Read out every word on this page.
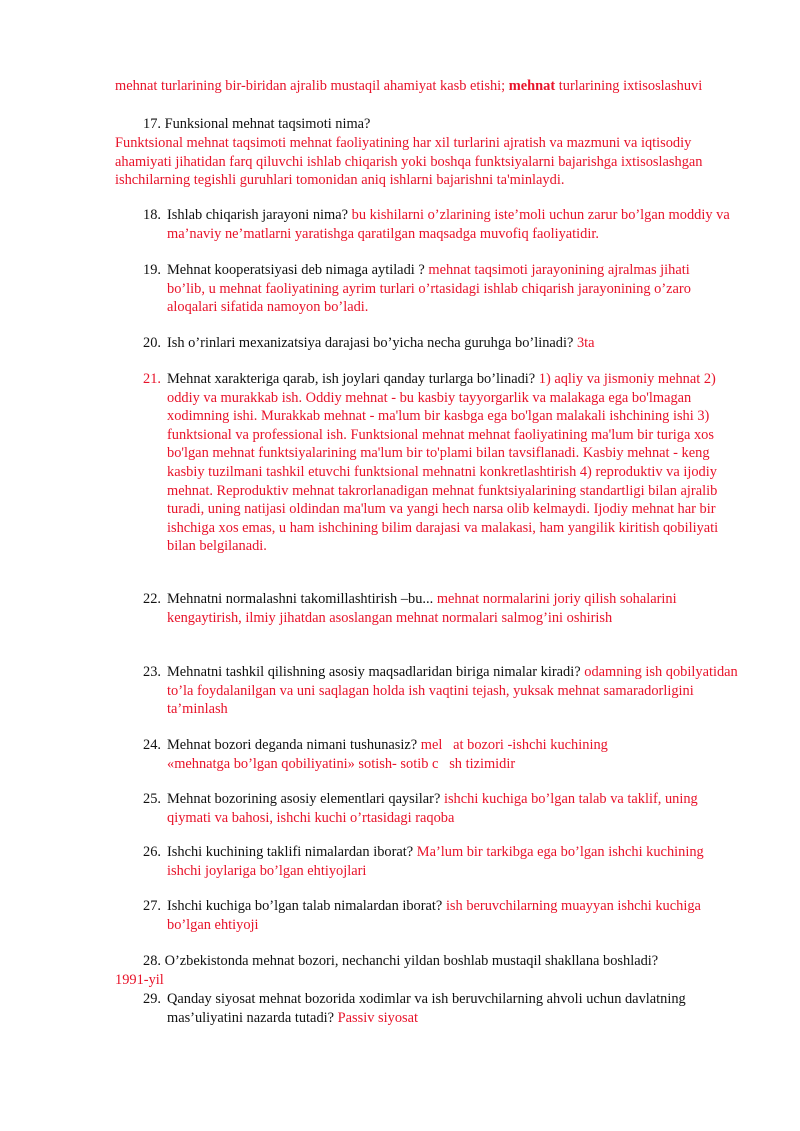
mehnat turlarining bir-biridan ajralib mustaqil ahamiyat kasb etishi; mehnat turlarining ixtisoslashuvi
17. Funksional mehnat taqsimoti nima?
Funktsional mehnat taqsimoti mehnat faoliyatining har xil turlarini ajratish va mazmuni va iqtisodiy ahamiyati jihatidan farq qiluvchi ishlab chiqarish yoki boshqa funktsiyalarni bajarishga ixtisoslashgan ishchilarning tegishli guruhlari tomonidan aniq ishlarni bajarishni ta'minlaydi.
18. Ishlab chiqarish jarayoni nima? bu kishilarni o’zlarining iste’moli uchun zarur bo’lgan moddiy va ma’naviy ne’matlarni yaratishga qaratilgan maqsadga muvofiq faoliyatidir.
19. Mehnat kooperatsiyasi deb nimaga aytiladi ? mehnat taqsimoti jarayonining ajralmas jihati bo’lib, u mehnat faoliyatining ayrim turlari o’rtasidagi ishlab chiqarish jarayonining o’zaro aloqalari sifatida namoyon bo’ladi.
20. Ish o’rinlari mexanizatsiya darajasi bo’yicha necha guruhga bo’linadi? 3ta
21. Mehnat xarakteriga qarab, ish joylari qanday turlarga bo’linadi? 1) aqliy va jismoniy mehnat 2) oddiy va murakkab ish. Oddiy mehnat - bu kasbiy tayyorgarlik va malakaga ega bo'lmagan xodimning ishi. Murakkab mehnat - ma'lum bir kasbga ega bo'lgan malakali ishchining ishi 3) funktsional va professional ish. Funktsional mehnat mehnat faoliyatining ma'lum bir turiga xos bo'lgan mehnat funktsiyalarining ma'lum bir to'plami bilan tavsiflanadi. Kasbiy mehnat - keng kasbiy tuzilmani tashkil etuvchi funktsional mehnatni konkretlashtirish 4) reproduktiv va ijodiy mehnat. Reproduktiv mehnat takrorlanadigan mehnat funktsiyalarining standartligi bilan ajralib turadi, uning natijasi oldindan ma'lum va yangi hech narsa olib kelmaydi. Ijodiy mehnat har bir ishchiga xos emas, u ham ishchining bilim darajasi va malakasi, ham yangilik kiritish qobiliyati bilan belgilanadi.
22. Mehnatni normalashni takomillashtirish –bu... mehnat normalarini joriy qilish sohalarini kengaytirish, ilmiy jihatdan asoslangan mehnat normalari salmog’ini oshirish
23. Mehnatni tashkil qilishning asosiy maqsadlaridan biriga nimalar kiradi? odamning ish qobilyatidan to’la foydalanilgan va uni saqlagan holda ish vaqtini tejash, yuksak mehnat samaradorligini ta’minlash
24. Mehnat bozori deganda nimani tushunasiz? mel at bozori -ishchi kuchining
«mehnatga bo’lgan qobiliyatini» sotish- sotib c sh tizimidir
25. Mehnat bozorining asosiy elementlari qaysilar? ishchi kuchiga bo’lgan talab va taklif, uning qiymati va bahosi, ishchi kuchi o’rtasidagi raqoba
26. Ishchi kuchining taklifi nimalardan iborat? Ma’lum bir tarkibga ega bo’lgan ishchi kuchining ishchi joylariga bo’lgan ehtiyojlari
27. Ishchi kuchiga bo’lgan talab nimalardan iborat? ish beruvchilarning muayyan ishchi kuchiga bo’lgan ehtiyoji
28. O’zbekistonda mehnat bozori, nechanchi yildan boshlab mustaqil shakllana boshladi?
1991-yil
29. Qanday siyosat mehnat bozorida xodimlar va ish beruvchilarning ahvoli uchun davlatning mas’uliyatini nazarda tutadi? Passiv siyosat
